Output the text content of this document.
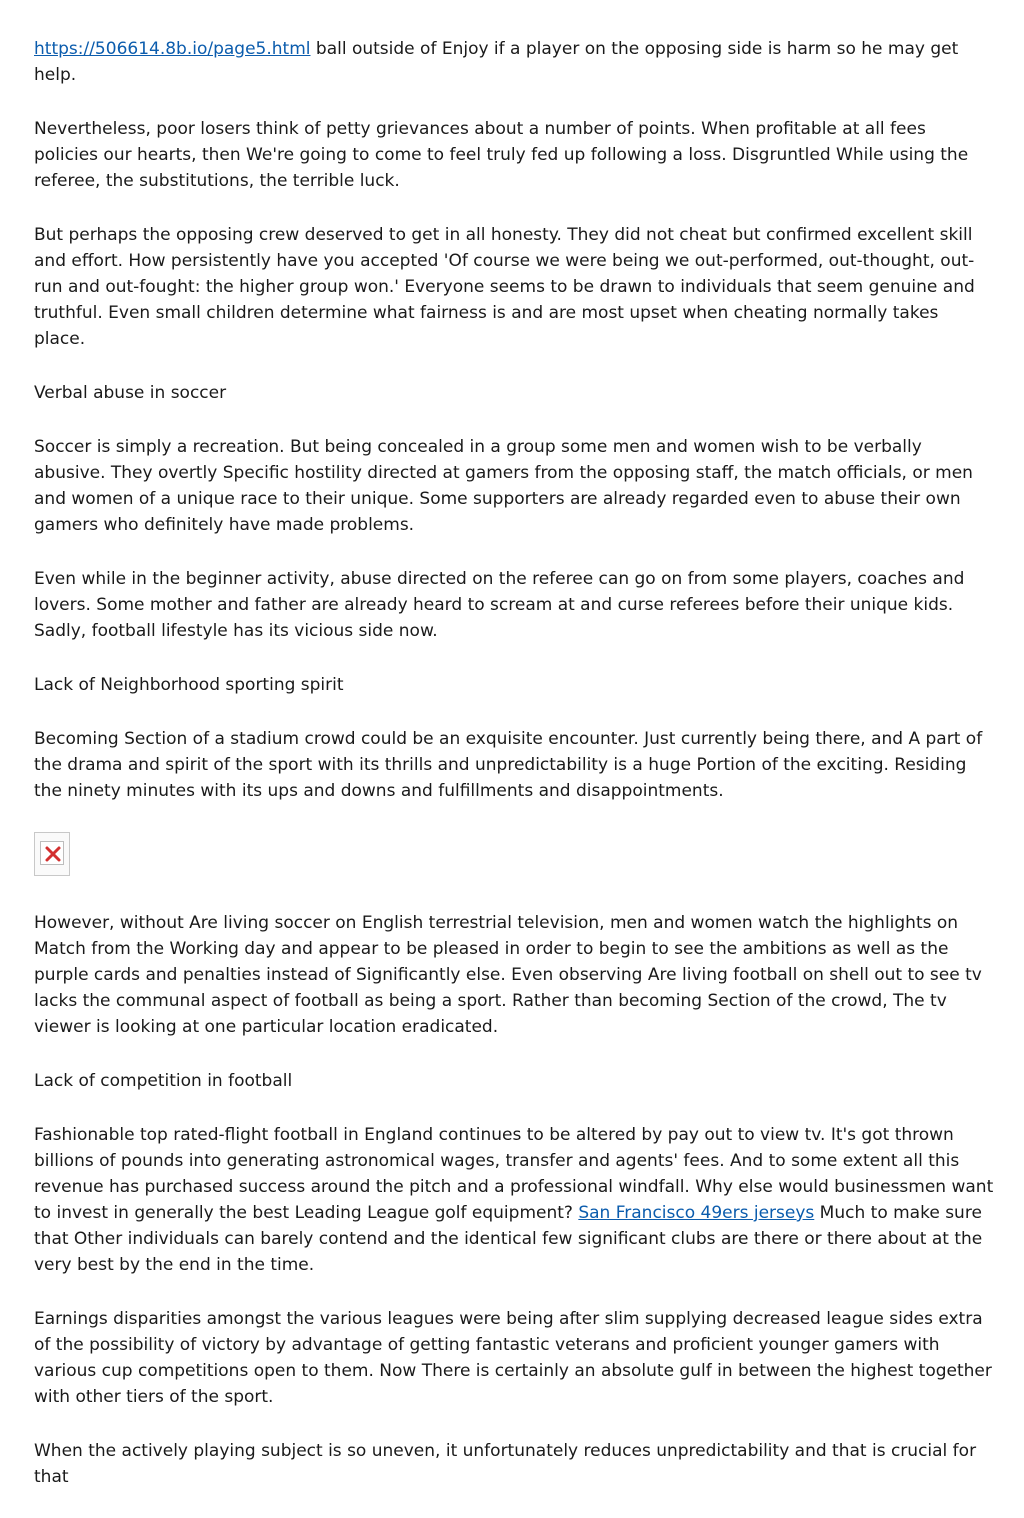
https://506614.8b.io/page5.html ball outside of Enjoy if a player on the opposing side is harm so he may get help.

Nevertheless, poor losers think of petty grievances about a number of points. When profitable at all fees policies our hearts, then We're going to come to feel truly fed up following a loss. Disgruntled While using the referee, the substitutions, the terrible luck.

But perhaps the opposing crew deserved to get in all honesty. They did not cheat but confirmed excellent skill and effort. How persistently have you accepted 'Of course we were being we out-performed, out-thought, out-run and out-fought: the higher group won.' Everyone seems to be drawn to individuals that seem genuine and truthful. Even small children determine what fairness is and are most upset when cheating normally takes place.

Verbal abuse in soccer

Soccer is simply a recreation. But being concealed in a group some men and women wish to be verbally abusive. They overtly Specific hostility directed at gamers from the opposing staff, the match officials, or men and women of a unique race to their unique. Some supporters are already regarded even to abuse their own gamers who definitely have made problems.

Even while in the beginner activity, abuse directed on the referee can go on from some players, coaches and lovers. Some mother and father are already heard to scream at and curse referees before their unique kids. Sadly, football lifestyle has its vicious side now.

Lack of Neighborhood sporting spirit

Becoming Section of a stadium crowd could be an exquisite encounter. Just currently being there, and A part of the drama and spirit of the sport with its thrills and unpredictability is a huge Portion of the exciting. Residing the ninety minutes with its ups and downs and fulfillments and disappointments.

However, without Are living soccer on English terrestrial television, men and women watch the highlights on Match from the Working day and appear to be pleased in order to begin to see the ambitions as well as the purple cards and penalties instead of Significantly else. Even observing Are living football on shell out to see tv lacks the communal aspect of football as being a sport. Rather than becoming Section of the crowd, The tv viewer is looking at one particular location eradicated.

Lack of competition in football

Fashionable top rated-flight football in England continues to be altered by pay out to view tv. It's got thrown billions of pounds into generating astronomical wages, transfer and agents' fees. And to some extent all this revenue has purchased success around the pitch and a professional windfall. Why else would businessmen want to invest in generally the best Leading League golf equipment? San Francisco 49ers jerseys Much to make sure that Other individuals can barely contend and the identical few significant clubs are there or there about at the very best by the end in the time.

Earnings disparities amongst the various leagues were being after slim supplying decreased league sides extra of the possibility of victory by advantage of getting fantastic veterans and proficient younger gamers with various cup competitions open to them. Now There is certainly an absolute gulf in between the highest together with other tiers of the sport.

When the actively playing subject is so uneven, it unfortunately reduces unpredictability and that is crucial for that
